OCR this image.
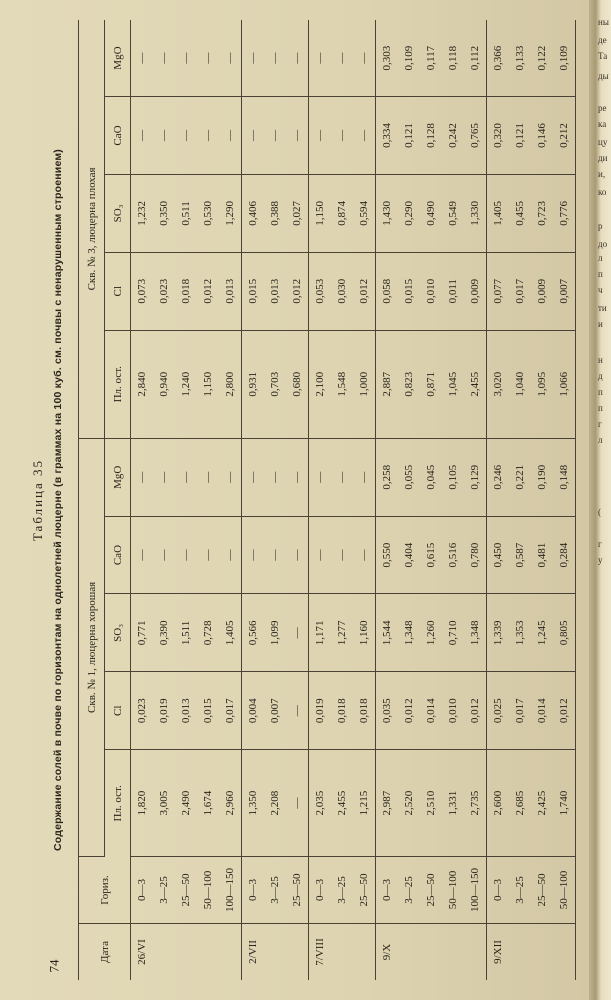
ны
де
Та
ды
ре
ка
цу
ди
и,
ко
р
до
л
п
ч
ти
и
н
д
п
п
г
л
(
г
у
74
Таблица 35 Содержание солей в почве по горизонтам на однолетней люцерне (в граммах на 100 куб. см. почвы с ненарушенным строением)
Дата	Гориз.	Скв. № 1, люцерна хорошая					Скв. № 3, люцерна плохая				
		Пл. ост.	Cl	SO₃	CaO	MgO	Пл. ост.	Cl	SO₃	CaO	MgO
26/VI	0—3	1,820	0,023	0,771	—	—	2,840	0,073	1,232	—	—
	3—25	3,005	0,019	0,390	—	—	0,940	0,023	0,350	—	—
	25—50	2,490	0,013	1,511	—	—	1,240	0,018	0,511	—	—
	50—100	1,674	0,015	0,728	—	—	1,150	0,012	0,530	—	—
	100—150	2,960	0,017	1,405	—	—	2,800	0,013	1,290	—	—
2/VII	0—3	1,350	0,004	0,566	—	—	0,931	0,015	0,406	—	—
	3—25	2,208	0,007	1,099	—	—	0,703	0,013	0,388	—	—
	25—50	—	—	—	—	—	0,680	0,012	0,027	—	—
7/VIII	0—3	2,035	0,019	1,171	—	—	2,100	0,053	1,150	—	—
	3—25	2,455	0,018	1,277	—	—	1,548	0,030	0,874	—	—
	25—50	1,215	0,018	1,160	—	—	1,000	0,012	0,594	—	—
9/X	0—3	2,987	0,035	1,544	0,550	0,258	2,887	0,058	1,430	0,334	0,303
	3—25	2,520	0,012	1,348	0,404	0,055	0,823	0,015	0,290	0,121	0,109
	25—50	2,510	0,014	1,260	0,615	0,045	0,871	0,010	0,490	0,128	0,117
	50—100	1,331	0,010	0,710	0,516	0,105	1,045	0,011	0,549	0,242	0,118
	100—150	2,735	0,012	1,348	0,780	0,129	2,455	0,009	1,330	0,765	0,112
9/XII	0—3	2,600	0,025	1,339	0,450	0,246	3,020	0,077	1,405	0,320	0,366
	3—25	2,685	0,017	1,353	0,587	0,221	1,040	0,017	0,455	0,121	0,133
	25—50	2,425	0,014	1,245	0,481	0,190	1,095	0,009	0,723	0,146	0,122
	50—100	1,740	0,012	0,805	0,284	0,148	1,066	0,007	0,776	0,212	0,109
